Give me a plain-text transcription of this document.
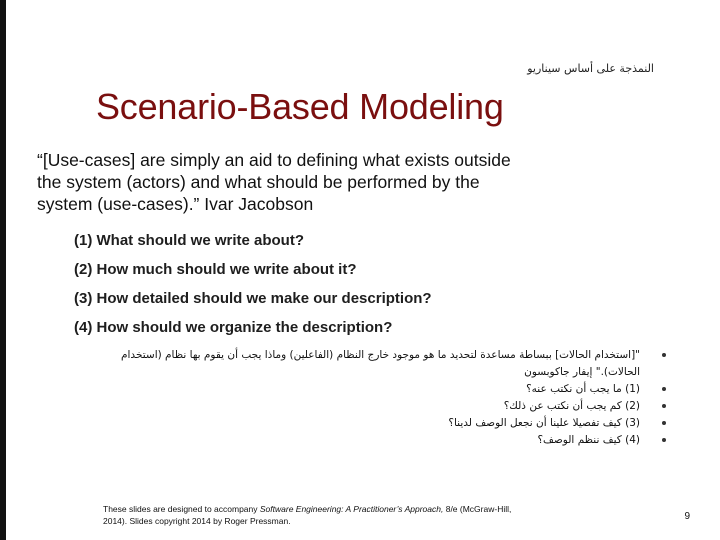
النمذجة على أساس سيناريو
Scenario-Based Modeling
“[Use-cases] are simply an aid to defining what exists outside the system (actors) and what should be performed by the system (use-cases).” Ivar Jacobson
(1) What should we write about?
(2) How much should we write about it?
(3) How detailed should we make our description?
(4) How should we organize the description?
"[استخدام الحالات] ببساطة مساعدة لتحديد ما هو موجود خارج النظام (الفاعلين) وماذا يجب أن يقوم بها نظام (استخدام الحالات)." إيفار جاكوبسون
(1) ما يجب أن نكتب عنه؟
(2) كم يجب أن نكتب عن ذلك؟
(3) كيف تفصيلا علينا أن نجعل الوصف لدينا؟
(4) كيف ننظم الوصف؟
These slides are designed to accompany Software Engineering: A Practitioner’s Approach, 8/e (McGraw-Hill, 2014). Slides copyright 2014 by Roger Pressman.	9
